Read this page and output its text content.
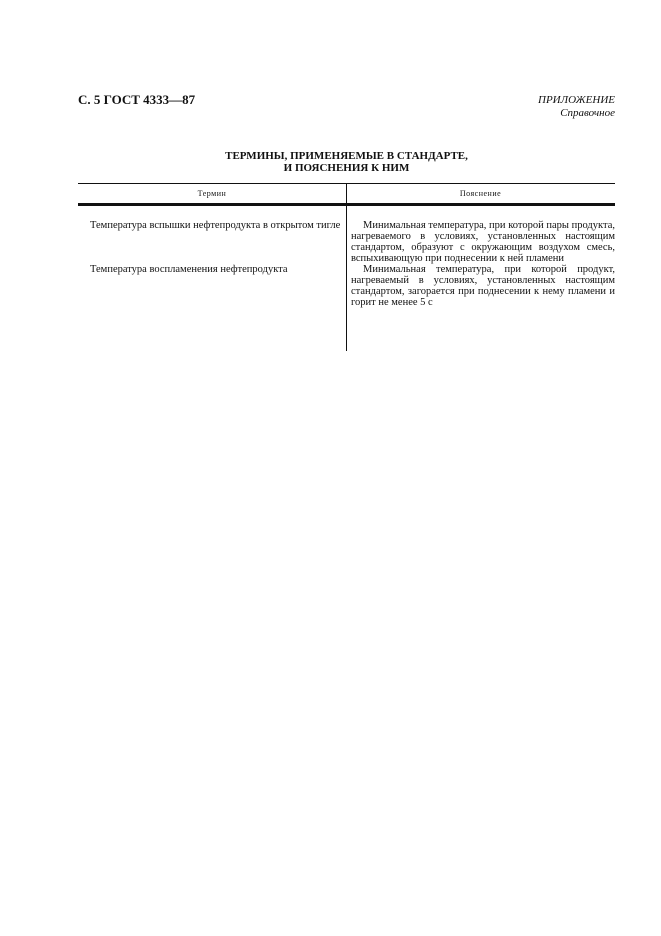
С. 5 ГОСТ 4333—87	ПРИЛОЖЕНИЕ
Справочное
ТЕРМИНЫ, ПРИМЕНЯЕМЫЕ В СТАНДАРТЕ,
И ПОЯСНЕНИЯ К НИМ
Термин	Пояснение
Температура вспышки нефтепродукта в открытом тигле	Минимальная температура, при которой пары продукта, нагреваемого в условиях, установленных настоящим стандартом, образуют с окружающим воздухом смесь, вспыхивающую при поднесении к ней пламени
Температура воспламенения нефтепродукта	Минимальная температура, при которой продукт, нагреваемый в условиях, установленных настоящим стандартом, загорается при поднесении к нему пламени и горит не менее 5 с
